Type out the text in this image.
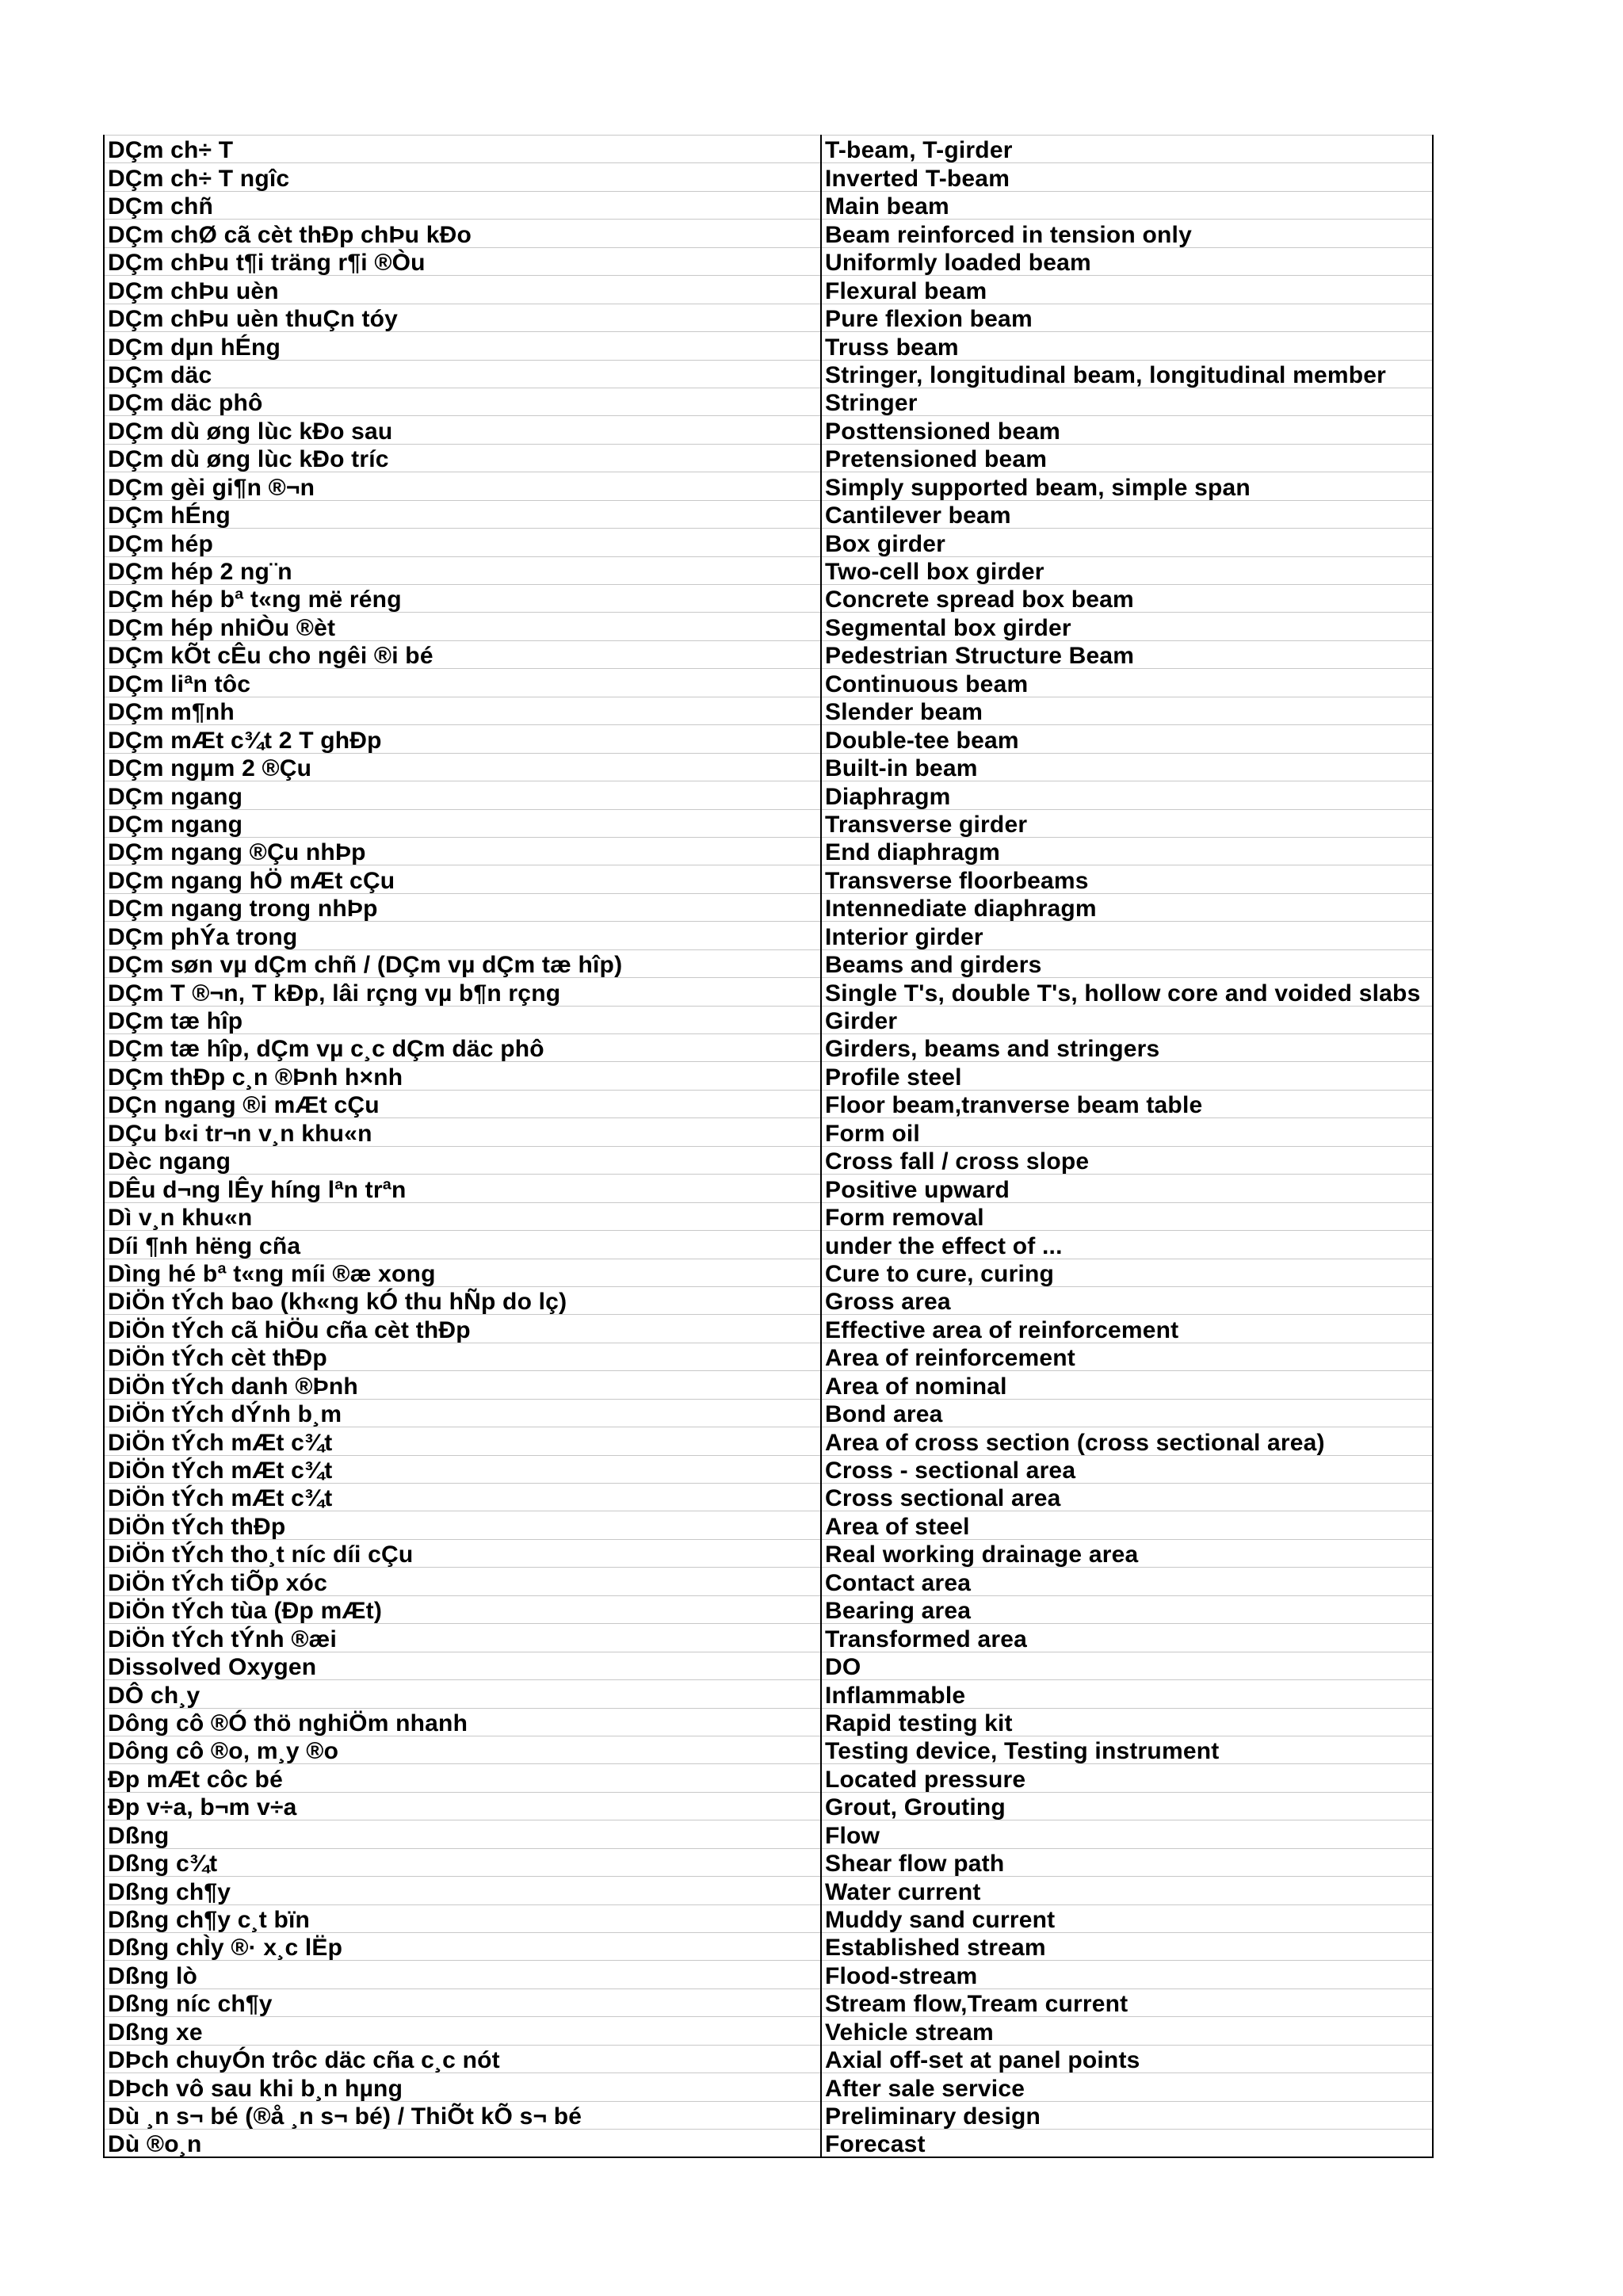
DÇm ch÷ T	T-beam, T-girder
DÇm ch÷ T ngîc	Inverted T-beam
DÇm chñ	Main beam
DÇm chØ cã cèt thÐp chÞu kÐo	Beam reinforced in tension only
DÇm chÞu t¶i träng r¶i ®Òu	Uniformly loaded beam
DÇm chÞu uèn	Flexural beam
DÇm chÞu uèn thuÇn tóy	Pure flexion beam
DÇm dµn hÉng	Truss beam
DÇm däc	Stringer, longitudinal beam, longitudinal member
DÇm däc phô	Stringer
DÇm dù øng lùc kÐo sau	Posttensioned beam
DÇm dù øng lùc kÐo tríc	Pretensioned beam
DÇm gèi gi¶n ®¬n	Simply supported beam, simple span
DÇm hÉng	Cantilever beam
DÇm hép	Box girder
DÇm hép 2 ng¨n	Two-cell box girder
DÇm hép bª t«ng më réng	Concrete spread box beam
DÇm hép nhiÒu ®èt	Segmental box girder
DÇm kÕt cÊu cho ngêi ®i bé	Pedestrian Structure Beam
DÇm liªn tôc	Continuous beam
DÇm m¶nh	Slender beam
DÇm mÆt c¾t 2 T ghÐp	Double-tee beam
DÇm ngµm 2 ®Çu	Built-in beam
DÇm ngang	Diaphragm
DÇm ngang	Transverse girder
DÇm ngang ®Çu nhÞp	End diaphragm
DÇm ngang hÖ mÆt cÇu	Transverse floorbeams
DÇm ngang trong nhÞp	Intennediate diaphragm
DÇm phÝa trong	Interior girder
DÇm søn vµ dÇm chñ / (DÇm vµ dÇm tæ hîp)	Beams and girders
DÇm T ®¬n, T kÐp, lâi rçng vµ b¶n rçng	Single T's, double T's, hollow core and voided slabs
DÇm tæ hîp	Girder
DÇm tæ hîp, dÇm vµ c¸c dÇm däc phô	Girders, beams and stringers
DÇm thÐp c¸n ®Þnh h×nh	Profile steel
DÇn ngang ®i mÆt cÇu	Floor beam,tranverse beam table
DÇu b«i tr¬n v¸n khu«n	Form oil
Dèc ngang	Cross fall / cross slope
DÊu d¬ng lÊy híng lªn trªn	Positive upward
Dì v¸n khu«n	Form removal
Díi ¶nh hëng cña	under the effect of ...
Dìng hé bª t«ng míi ®æ xong	Cure to cure, curing
DiÖn tÝch bao (kh«ng kÓ thu hÑp do lç)	Gross area
DiÖn tÝch cã hiÖu cña cèt thÐp	Effective area of reinforcement
DiÖn tÝch cèt thÐp	Area of reinforcement
DiÖn tÝch danh ®Þnh	Area of nominal
DiÖn tÝch dÝnh b¸m	Bond area
DiÖn tÝch mÆt c¾t	Area of cross section (cross sectional area)
DiÖn tÝch mÆt c¾t	Cross - sectional area
DiÖn tÝch mÆt c¾t	Cross sectional area
DiÖn tÝch thÐp	Area of steel
DiÖn tÝch tho¸t níc díi cÇu	Real working drainage area
DiÖn tÝch tiÕp xóc	Contact area
DiÖn tÝch tùa (Ðp mÆt)	Bearing area
DiÖn tÝch tÝnh ®æi	Transformed area
Dissolved Oxygen	DO
DÔ ch¸y	Inflammable
Dông cô ®Ó thö nghiÖm nhanh	Rapid testing kit
Dông cô ®o, m¸y ®o	Testing device, Testing instrument
Ðp mÆt côc bé	Located pressure
Ðp v÷a, b¬m v÷a	Grout, Grouting
Dßng	Flow
Dßng c¾t	Shear flow path
Dßng ch¶y	Water current
Dßng ch¶y c¸t bïn	Muddy sand current
Dßng chÌy ®· x¸c lËp	Established stream
Dßng lò	Flood-stream
Dßng níc ch¶y	Stream flow,Tream current
Dßng xe	Vehicle stream
DÞch chuyÓn trôc däc cña c¸c nót	Axial off-set at panel points
DÞch vô sau khi b¸n hµng	After sale service
Dù ¸n s¬ bé (®å ¸n s¬ bé) / ThiÕt kÕ s¬ bé	Preliminary design
Dù ®o¸n	Forecast
